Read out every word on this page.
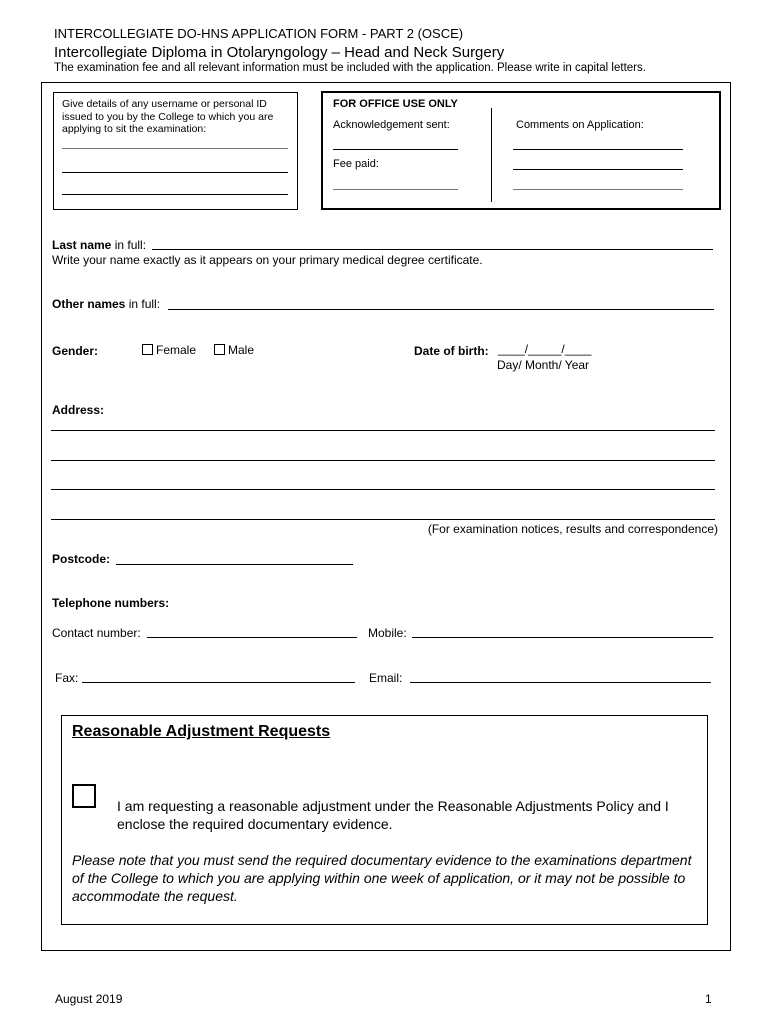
INTERCOLLEGIATE DO-HNS APPLICATION FORM - PART 2 (OSCE)
Intercollegiate Diploma in Otolaryngology – Head and Neck Surgery
The examination fee and all relevant information must be included with the application. Please write in capital letters.
Give details of any username or personal ID issued to you by the College to which you are applying to sit the examination:
FOR OFFICE USE ONLY
Acknowledgement sent:	Comments on Application:
Fee paid:
Last name in full:
Write your name exactly as it appears on your primary medical degree certificate.
Other names in full:
Gender:	Female	Male	Date of birth: ____/_____/____
Day/ Month/ Year
Address:
(For examination notices, results and correspondence)
Postcode:
Telephone numbers:
Contact number:	Mobile:
Fax:	Email:
Reasonable Adjustment Requests
I am requesting a reasonable adjustment under the Reasonable Adjustments Policy and I enclose the required documentary evidence.
Please note that you must send the required documentary evidence to the examinations department of the College to which you are applying within one week of application, or it may not be possible to accommodate the request.
August 2019	1
